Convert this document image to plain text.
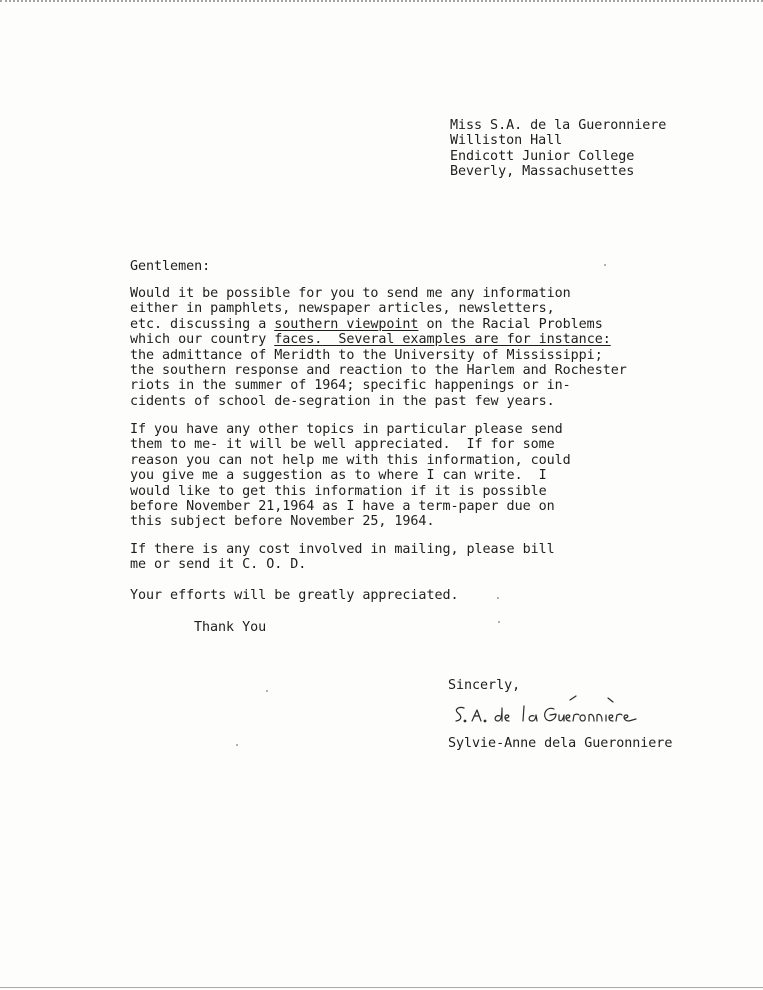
Miss S.A. de la Gueronniere
Williston Hall
Endicott Junior College
Beverly, Massachusettes
Gentlemen:
Would it be possible for you to send me any information
either in pamphlets, newspaper articles, newsletters,
etc. discussing a southern viewpoint on the Racial Problems
which our country faces.  Several examples are for instance:
the admittance of Meridth to the University of Mississippi;
the southern response and reaction to the Harlem and Rochester
riots in the summer of 1964; specific happenings or in-
cidents of school de-segration in the past few years.
If you have any other topics in particular please send
them to me- it will be well appreciated.  If for some
reason you can not help me with this information, could
you give me a suggestion as to where I can write.  I
would like to get this information if it is possible
before November 21,1964 as I have a term-paper due on
this subject before November 25, 1964.
If there is any cost involved in mailing, please bill
me or send it C. O. D.
Your efforts will be greatly appreciated.
Thank You
Sincerly,
Sylvie-Anne dela Gueronniere
